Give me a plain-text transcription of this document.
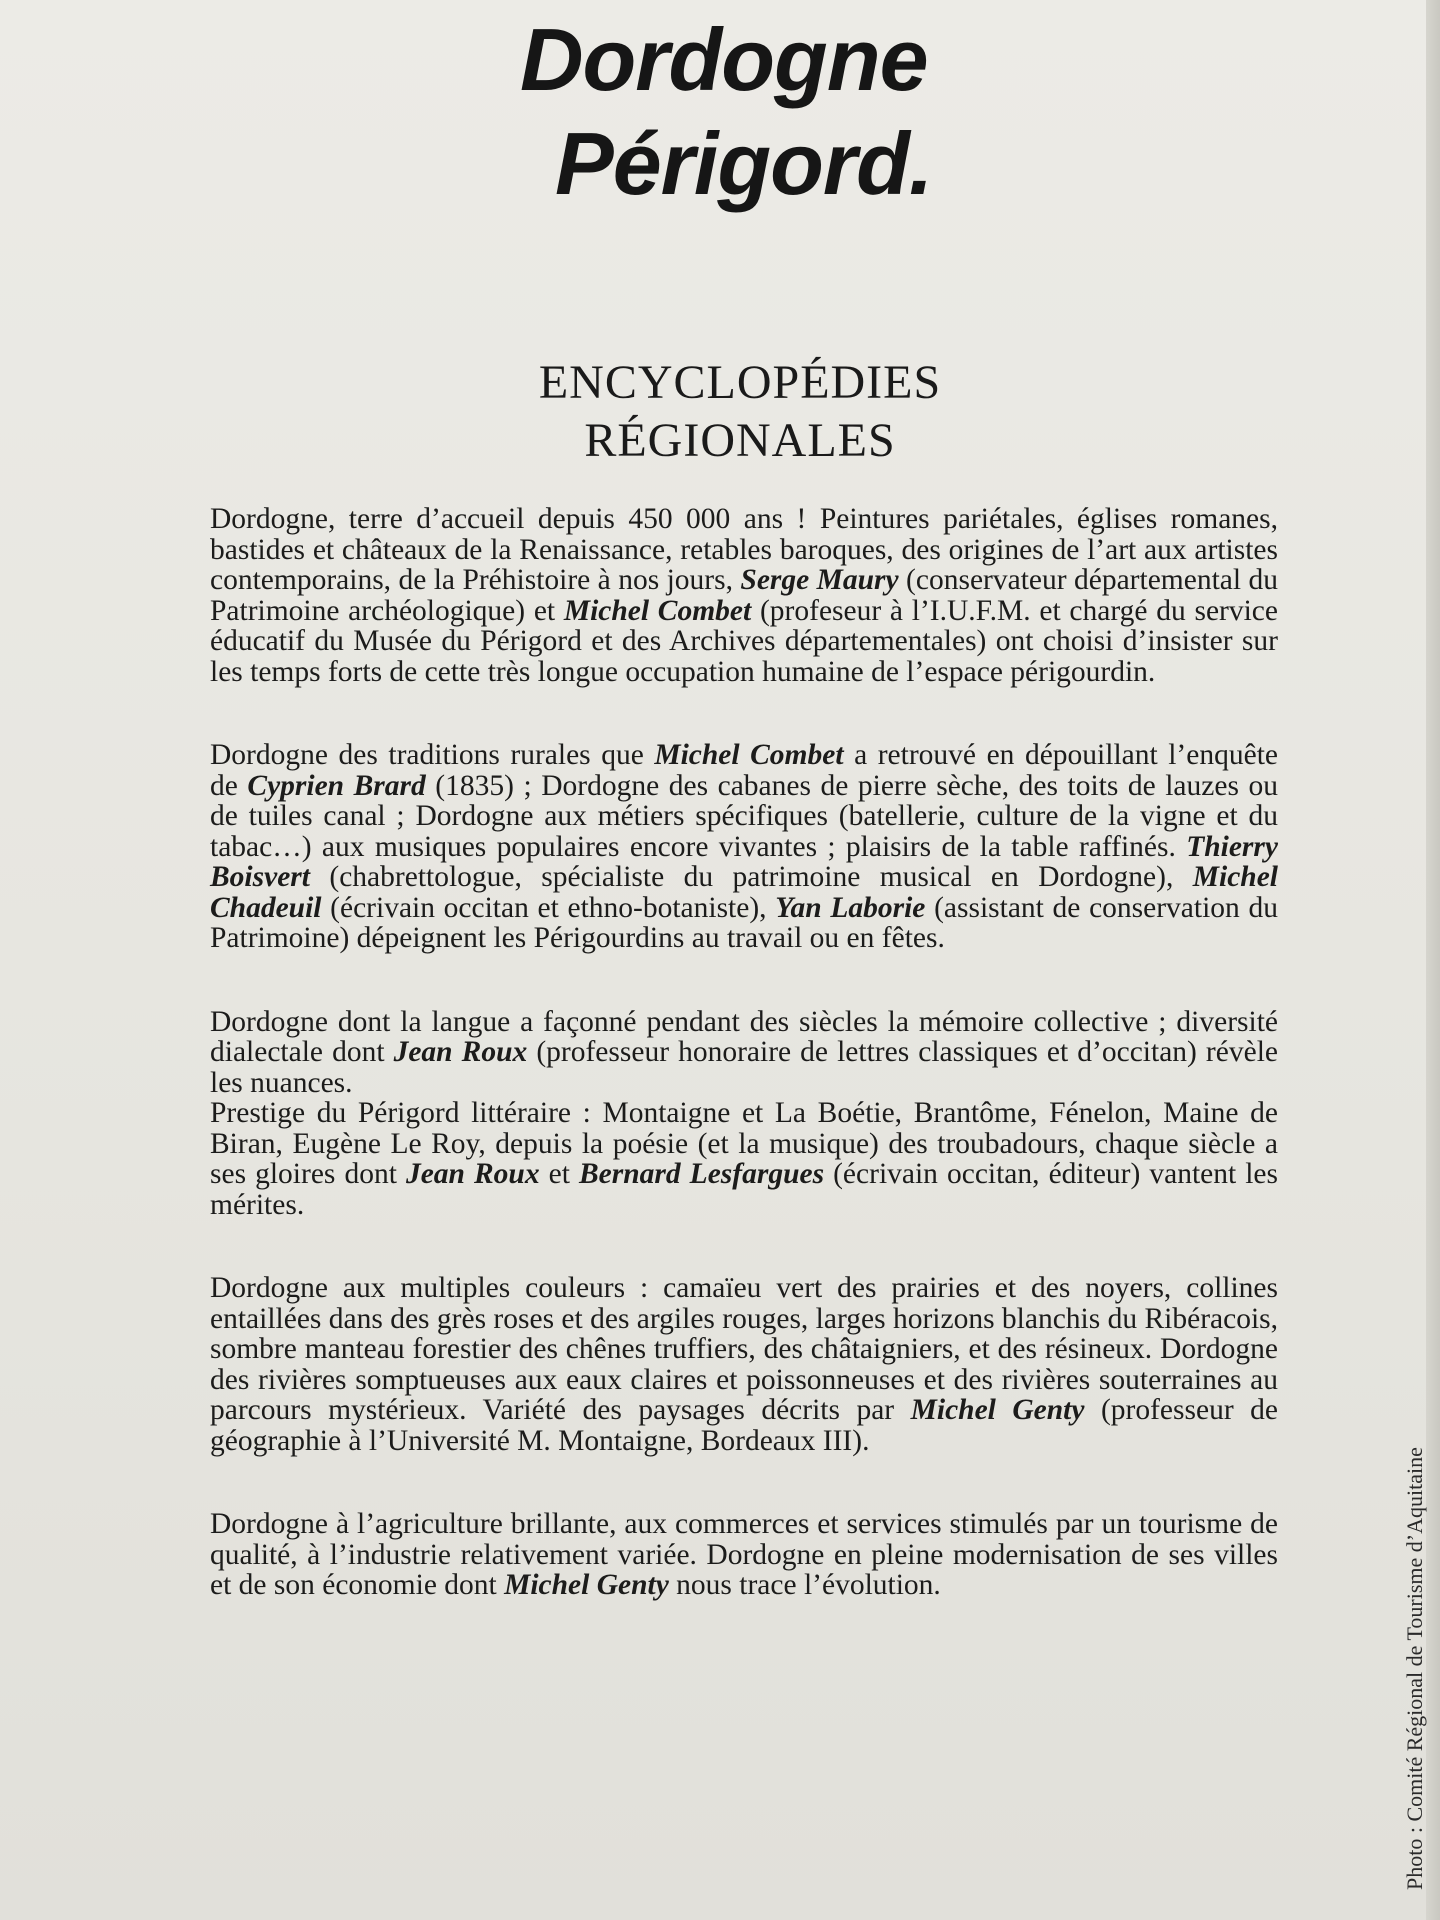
Dordogne
Périgord.
ENCYCLOPÉDIES
RÉGIONALES

Dordogne, terre d’accueil depuis 450 000 ans ! Peintures pariétales, églises romanes, bastides et châteaux de la Renaissance, retables baroques, des origines de l’art aux artistes contemporains, de la Préhistoire à nos jours, Serge Maury (conservateur départemental du Patrimoine archéologique) et Michel Combet (profeseur à l’I.U.F.M. et chargé du service éducatif du Musée du Périgord et des Archives départementales) ont choisi d’insister sur les temps forts de cette très longue occupation humaine de l’espace périgourdin.

Dordogne des traditions rurales que Michel Combet a retrouvé en dépouillant l’enquête de Cyprien Brard (1835) ; Dordogne des cabanes de pierre sèche, des toits de lauzes ou de tuiles canal ; Dordogne aux métiers spécifiques (batellerie, culture de la vigne et du tabac…) aux musiques populaires encore vivantes ; plaisirs de la table raffinés. Thierry Boisvert (chabrettologue, spécialiste du patrimoine musical en Dordogne), Michel Chadeuil (écrivain occitan et ethno-botaniste), Yan Laborie (assistant de conservation du Patrimoine) dépeignent les Périgourdins au travail ou en fêtes.

Dordogne dont la langue a façonné pendant des siècles la mémoire collective ; diversité dialectale dont Jean Roux (professeur honoraire de lettres classiques et d’occitan) révèle les nuances.

Prestige du Périgord littéraire : Montaigne et La Boétie, Brantôme, Fénelon, Maine de Biran, Eugène Le Roy, depuis la poésie (et la musique) des troubadours, chaque siècle a ses gloires dont Jean Roux et Bernard Lesfargues (écrivain occitan, éditeur) vantent les mérites.

Dordogne aux multiples couleurs : camaïeu vert des prairies et des noyers, collines entaillées dans des grès roses et des argiles rouges, larges horizons blanchis du Ribéracois, sombre manteau forestier des chênes truffiers, des châtaigniers, et des résineux. Dordogne des rivières somptueuses aux eaux claires et poissonneuses et des rivières souterraines au parcours mystérieux. Variété des paysages décrits par Michel Genty (professeur de géographie à l’Université M. Montaigne, Bordeaux III).

Dordogne à l’agriculture brillante, aux commerces et services stimulés par un tourisme de qualité, à l’industrie relativement variée. Dordogne en pleine modernisation de ses villes et de son économie dont Michel Genty nous trace l’évolution.	Photo : Comité Régional de Tourisme d’Aquitaine
